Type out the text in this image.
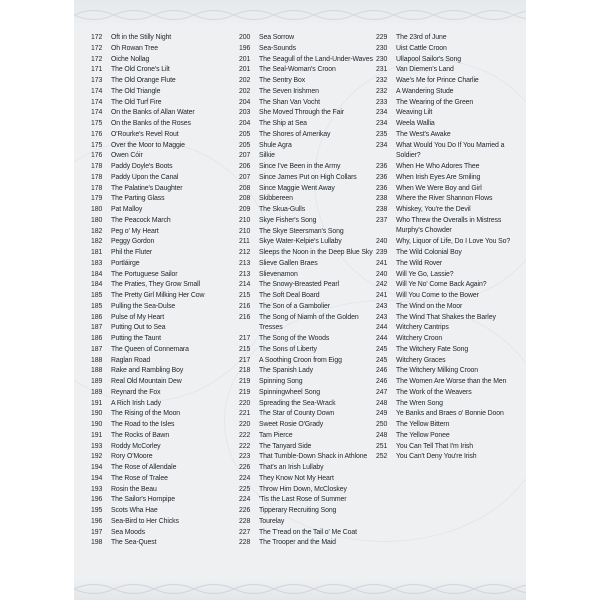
172 Oft in the Stilly Night
172 Oh Rowan Tree
172 Oiche Nollag
171 The Old Crone's Lilt
173 The Old Orange Flute
174 The Old Triangle
174 The Old Turf Fire
174 On the Banks of Allan Water
175 On the Banks of the Roses
176 O'Rourke's Revel Rout
175 Over the Moor to Maggie
176 Owen Cóir
178 Paddy Doyle's Boots
178 Paddy Upon the Canal
178 The Palatine's Daughter
179 The Parting Glass
180 Pat Malloy
180 The Peacock March
182 Peg o' My Heart
182 Peggy Gordon
181 Phil the Fluter
183 Portláirge
184 The Portuguese Sailor
184 The Praties, They Grow Small
185 The Pretty Girl Milking Her Cow
185 Pulling the Sea-Dulse
186 Pulse of My Heart
187 Putting Out to Sea
186 Putting the Taunt
187 The Queen of Connemara
188 Raglan Road
188 Rake and Rambling Boy
189 Real Old Mountain Dew
189 Reynard the Fox
191 A Rich Irish Lady
190 The Rising of the Moon
190 The Road to the Isles
191 The Rocks of Bawn
193 Roddy McCorley
192 Rory O'Moore
194 The Rose of Allendale
194 The Rose of Tralee
193 Rosin the Beau
196 The Sailor's Hornpipe
195 Scots Wha Hae
196 Sea-Bird to Her Chicks
197 Sea Moods
198 The Sea-Quest
200 Sea Sorrow
196 Sea-Sounds
201 The Seagull of the Land-Under-Waves
201 The Seal-Woman's Croon
202 The Sentry Box
202 The Seven Irishmen
204 The Shan Van Vocht
203 She Moved Through the Fair
204 The Ship at Sea
205 The Shores of Amerikay
205 Shule Agra
207 Silkie
206 Since I've Been in the Army
207 Since James Put on High Collars
208 Since Maggie Went Away
208 Skibbereen
209 The Skua-Gulls
210 Skye Fisher's Song
210 The Skye Steersman's Song
211 Skye Water-Kelpie's Lullaby
212 Sleeps the Noon in the Deep Blue Sky
213 Slieve Gallen Braes
213 Slievenamon
214 The Snowy-Breasted Pearl
215 The Soft Deal Board
216 The Son of a Gambolier
216 The Song of Niamh of the Golden Tresses
217 The Song of the Woods
215 The Sons of Liberty
217 A Soothing Croon from Eigg
218 The Spanish Lady
219 Spinning Song
219 Spinningwheel Song
220 Spreading the Sea-Wrack
221 The Star of County Down
220 Sweet Rosie O'Grady
222 Tam Pierce
222 The Tanyard Side
223 That Tumble-Down Shack in Athlone
226 That's an Irish Lullaby
224 They Know Not My Heart
225 Throw Him Down, McCloskey
224 'Tis the Last Rose of Summer
226 Tipperary Recruiting Song
228 Tourelay
227 The T'read on the Tail o' Me Coat
228 The Trooper and the Maid
229 The 23rd of June
230 Uist Cattle Croon
230 Ullapool Sailor's Song
231 Van Diemen's Land
232 Wae's Me for Prince Charlie
232 A Wandering Stude
233 The Wearing of the Green
234 Weaving Lilt
234 Weela Wallia
235 The West's Awake
234 What Would You Do If You Married a Soldier?
236 When He Who Adores Thee
236 When Irish Eyes Are Smiling
236 When We Were Boy and Girl
238 Where the River Shannon Flows
238 Whiskey, You're the Devil
237 Who Threw the Overalls in Mistress Murphy's Chowder
240 Why, Liquor of Life, Do I Love You So?
239 The Wild Colonial Boy
241 The Wild Rover
240 Will Ye Go, Lassie?
242 Will Ye No' Come Back Again?
241 Will You Come to the Bower
243 The Wind on the Moor
243 The Wind That Shakes the Barley
244 Witchery Cantrips
244 Witchery Croon
245 The Witchery Fate Song
245 Witchery Graces
246 The Witchery Milking Croon
246 The Women Are Worse than the Men
247 The Work of the Weavers
248 The Wren Song
249 Ye Banks and Braes o' Bonnie Doon
250 The Yellow Bittern
248 The Yellow Ponee
251 You Can Tell That I'm Irish
252 You Can't Deny You're Irish
